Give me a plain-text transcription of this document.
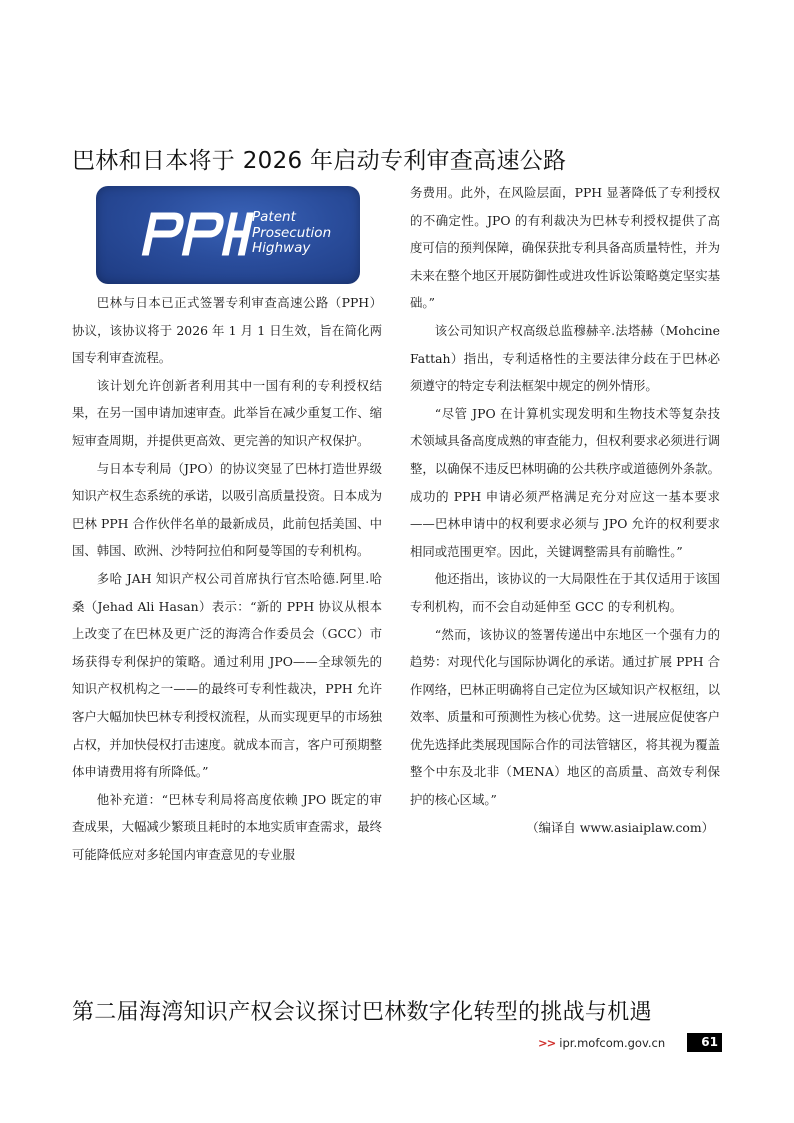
巴林和日本将于 2026 年启动专利审查高速公路
Patent
Prosecution
Highway

巴林与日本已正式签署专利审查高速公路（PPH）协议，该协议将于 2026 年 1 月 1 日生效，旨在简化两国专利审查流程。

该计划允许创新者利用其中一国有利的专利授权结果，在另一国申请加速审查。此举旨在减少重复工作、缩短审查周期，并提供更高效、更完善的知识产权保护。

与日本专利局（JPO）的协议突显了巴林打造世界级知识产权生态系统的承诺，以吸引高质量投资。日本成为巴林 PPH 合作伙伴名单的最新成员，此前包括美国、中国、韩国、欧洲、沙特阿拉伯和阿曼等国的专利机构。

多哈 JAH 知识产权公司首席执行官杰哈德.阿里.哈桑（Jehad Ali Hasan）表示：“新的 PPH 协议从根本上改变了在巴林及更广泛的海湾合作委员会（GCC）市场获得专利保护的策略。通过利用 JPO——全球领先的知识产权机构之一——的最终可专利性裁决，PPH 允许客户大幅加快巴林专利授权流程，从而实现更早的市场独占权，并加快侵权打击速度。就成本而言，客户可预期整体申请费用将有所降低。”

他补充道：“巴林专利局将高度依赖 JPO 既定的审查成果，大幅减少繁琐且耗时的本地实质审查需求，最终可能降低应对多轮国内审查意见的专业服

务费用。此外，在风险层面，PPH 显著降低了专利授权的不确定性。JPO 的有利裁决为巴林专利授权提供了高度可信的预判保障，确保获批专利具备高质量特性，并为未来在整个地区开展防御性或进攻性诉讼策略奠定坚实基础。”

该公司知识产权高级总监穆赫辛.法塔赫（Mohcine Fattah）指出，专利适格性的主要法律分歧在于巴林必须遵守的特定专利法框架中规定的例外情形。

“尽管 JPO 在计算机实现发明和生物技术等复杂技术领域具备高度成熟的审查能力，但权利要求必须进行调整，以确保不违反巴林明确的公共秩序或道德例外条款。成功的 PPH 申请必须严格满足充分对应这一基本要求——巴林申请中的权利要求必须与 JPO 允许的权利要求相同或范围更窄。因此，关键调整需具有前瞻性。”

他还指出，该协议的一大局限性在于其仅适用于该国专利机构，而不会自动延伸至 GCC 的专利机构。

“然而，该协议的签署传递出中东地区一个强有力的趋势：对现代化与国际协调化的承诺。通过扩展 PPH 合作网络，巴林正明确将自己定位为区域知识产权枢纽，以效率、质量和可预测性为核心优势。这一进展应促使客户优先选择此类展现国际合作的司法管辖区，将其视为覆盖整个中东及北非（MENA）地区的高质量、高效专利保护的核心区域。”

（编译自 www.asiaiplaw.com）

第二届海湾知识产权会议探讨巴林数字化转型的挑战与机遇
>> ipr.mofcom.gov.cn	61
